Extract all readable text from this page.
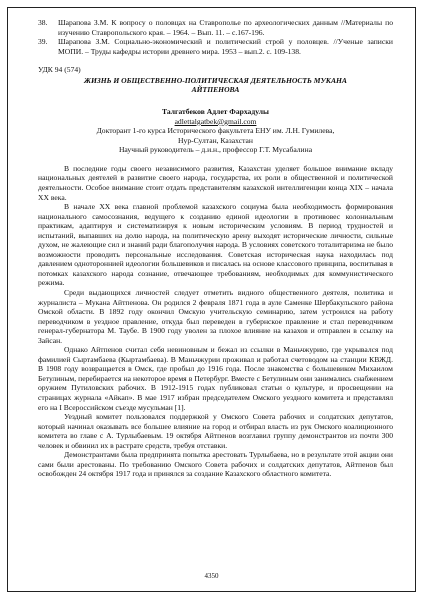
38.	Шарапова З.М. К вопросу о половцах на Ставрополье по археологических данным //Материалы по изучению Ставропольского края. – 1964. – Вып. 11. – с.167-196.
39.	Шарапова З.М. Социально-экономический и политический строй у половцев. //Ученые записки МОПИ. – Труды кафедры истории древнего мира. 1953 – вып.2. с. 109-138.
УДК 94 (574)
ЖИЗНЬ И ОБЩЕСТВЕННО-ПОЛИТИЧЕСКАЯ ДЕЯТЕЛЬНОСТЬ МУКАНА
АЙТПЕНОВА
Талгатбеков Адлет Фархадулы
adlettalgatbek@gmail.com
Докторант 1-го курса Исторического факультета ЕНУ им. Л.Н. Гумилева,
Нур-Султан, Казахстан
Научный руководитель – д.и.н., профессор Г.Т. Мусабалина

В последние годы своего независимого развития, Казахстан уделяет большое внимание вкладу национальных деятелей в развитие своего народа, государства, их роли в общественной и политической деятельности. Особое внимание стоит отдать представителям казахской интеллигенции конца XIX – начала XX века.

В начале XX века главной проблемой казахского социума была необходимость формирования национального самосознания, ведущего к созданию единой идеологии в противовес колониальным практикам, адаптируя и систематизируя к новым историческим условиям. В период трудностей и испытаний, выпавших на долю народа, на политическую арену выходят исторические личности, сильные духом, не жалеющие сил и знаний ради благополучия народа. В условиях советского тоталитаризма не было возможности проводить персональные исследования. Советская историческая наука находилась под давлением однотороннией идеологии большевиков и писалась на основе классового принципа, воспитывая в потомках казахского народа сознание, отвечающее требованиям, необходимых для коммунистического режима.

Среди выдающихся личностей следует отметить видного общественного деятеля, политика и журналиста – Мукана Айтпенова. Он родился 2 февраля 1871 года в ауле Саменке Шербакульского района Омской области. В 1892 году окончил Омскую учительскую семинарию, затем устроился на работу переводчиком в уездное правление, откуда был переведен в губернское правление и стал переводчиком генерал-губернатора М. Таубе. В 1900 году уволен за плохое влияние на казахов и отправлен в ссылку на Зайсан.

Однако Айтпенов считал себя невиновным и бежал из ссылки в Маньчжурию, где укрывался под фамилией Сыртамбаева (Кыртамбаева). В Маньчжурии проживал и работал счетоводом на станции КВЖД. В 1908 году возвращается в Омск, где пробыл до 1916 года. После знакомства с большевиком Михаилом Бетулиным, перебирается на некоторое время в Петербург. Вместе с Бетулиным они занимались снабжением оружием Путиловских рабочих. В 1912-1915 годах публиковал статьи о культуре, и просвещении на страницах журнала «Айкап». В мае 1917 избран председателем Омского уездного комитета и представлял его на I Всероссийском съезде мусульман [1].

Уездный комитет пользовался поддержкой у Омского Совета рабочих и солдатских депутатов, который начинал оказывать все большее влияние на город и отбирал власть из рук Омского коалиционного комитета во главе с А. Турлыбаевым. 19 октября Айтпенов возглавил группу демонстрантов из почти 300 человек и обвинил их в растрате средств, требуя отставки.

Демонстрантами была предпринята попытка арестовать Турлыбаева, но в результате этой акции они сами были арестованы. По требованию Омского Совета рабочих и солдатских депутатов, Айтпенов был освобожден 24 октября 1917 года и принялся за создание Казахского областного комитета.

4350
